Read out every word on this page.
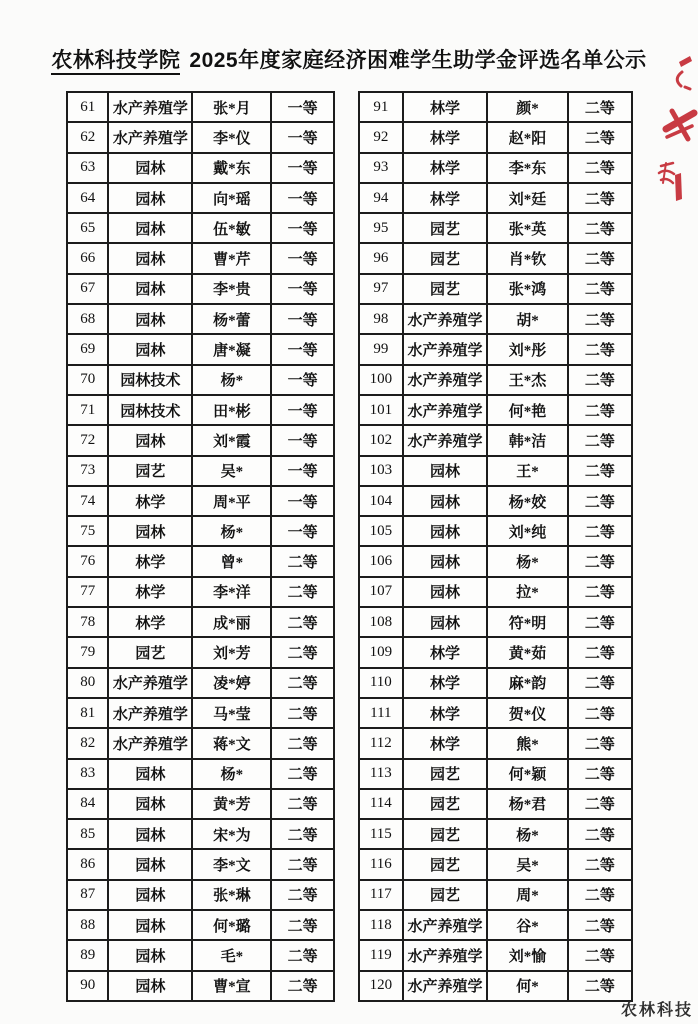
农林科技学院 2025年度家庭经济困难学生助学金评选名单公示
61	水产养殖学	张*月	一等
62	水产养殖学	李*仪	一等
63	园林	戴*东	一等
64	园林	向*瑶	一等
65	园林	伍*敏	一等
66	园林	曹*芹	一等
67	园林	李*贵	一等
68	园林	杨*蕾	一等
69	园林	唐*凝	一等
70	园林技术	杨*	一等
71	园林技术	田*彬	一等
72	园林	刘*霞	一等
73	园艺	吴*	一等
74	林学	周*平	一等
75	园林	杨*	一等
76	林学	曾*	二等
77	林学	李*洋	二等
78	林学	成*丽	二等
79	园艺	刘*芳	二等
80	水产养殖学	凌*婷	二等
81	水产养殖学	马*莹	二等
82	水产养殖学	蒋*文	二等
83	园林	杨*	二等
84	园林	黄*芳	二等
85	园林	宋*为	二等
86	园林	李*文	二等
87	园林	张*琳	二等
88	园林	何*璐	二等
89	园林	毛*	二等
90	园林	曹*宣	二等
91	林学	颜*	二等
92	林学	赵*阳	二等
93	林学	李*东	二等
94	林学	刘*廷	二等
95	园艺	张*英	二等
96	园艺	肖*钦	二等
97	园艺	张*鸿	二等
98	水产养殖学	胡*	二等
99	水产养殖学	刘*彤	二等
100	水产养殖学	王*杰	二等
101	水产养殖学	何*艳	二等
102	水产养殖学	韩*洁	二等
103	园林	王*	二等
104	园林	杨*姣	二等
105	园林	刘*纯	二等
106	园林	杨*	二等
107	园林	拉*	二等
108	园林	符*明	二等
109	林学	黄*茹	二等
110	林学	麻*韵	二等
111	林学	贺*仪	二等
112	林学	熊*	二等
113	园艺	何*颖	二等
114	园艺	杨*君	二等
115	园艺	杨*	二等
116	园艺	吴*	二等
117	园艺	周*	二等
118	水产养殖学	谷*	二等
119	水产养殖学	刘*愉	二等
120	水产养殖学	何*	二等
农林科技
